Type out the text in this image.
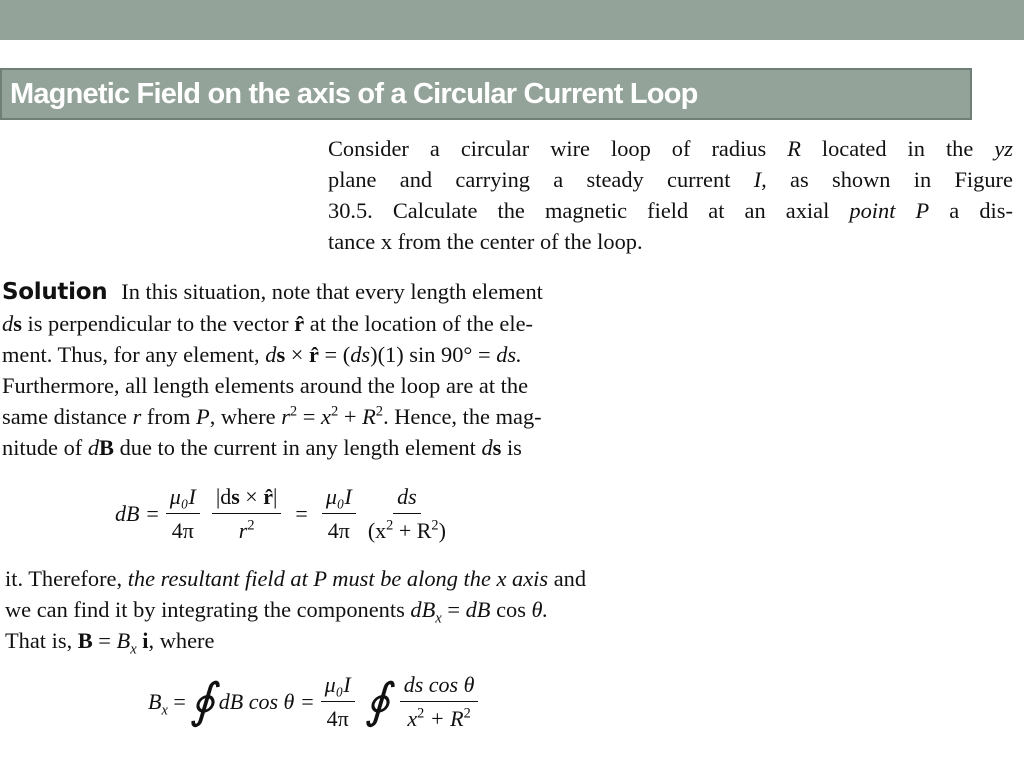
Magnetic Field on the axis of a Circular Current Loop
Consider a circular wire loop of radius R located in the yz
plane and carrying a steady current I, as shown in Figure
30.5. Calculate the magnetic field at an axial point P a dis-
tance x from the center of the loop.
Solution In this situation, note that every length element
ds is perpendicular to the vector r̂ at the location of the ele-
ment. Thus, for any element, ds × r̂ = (ds)(1) sin 90° = ds.
Furthermore, all length elements around the loop are at the
same distance r from P, where $r^2 = x^2 + R^2$. Hence, the mag-
nitude of dB due to the current in any length element ds is
dB = $\frac{\text{μ₀I}}{4\pi} \frac{|ds \times r̂|}{r^2} = \frac{\text{μ₀I}}{4\pi} \frac{ds}{(x^2 + R^2)}$
it. Therefore, the resultant field at P must be along the x axis and
we can find it by integrating the components $dB_x$ = dB cos θ.
That is, $B = B_x$ i, where
$B_x$ = ∮ dB $\cos \theta = \frac{\text{μ₀I}}{4\pi}$ ∮ $\frac{\text{ds cos θ}}{x^2 + R^2}$
